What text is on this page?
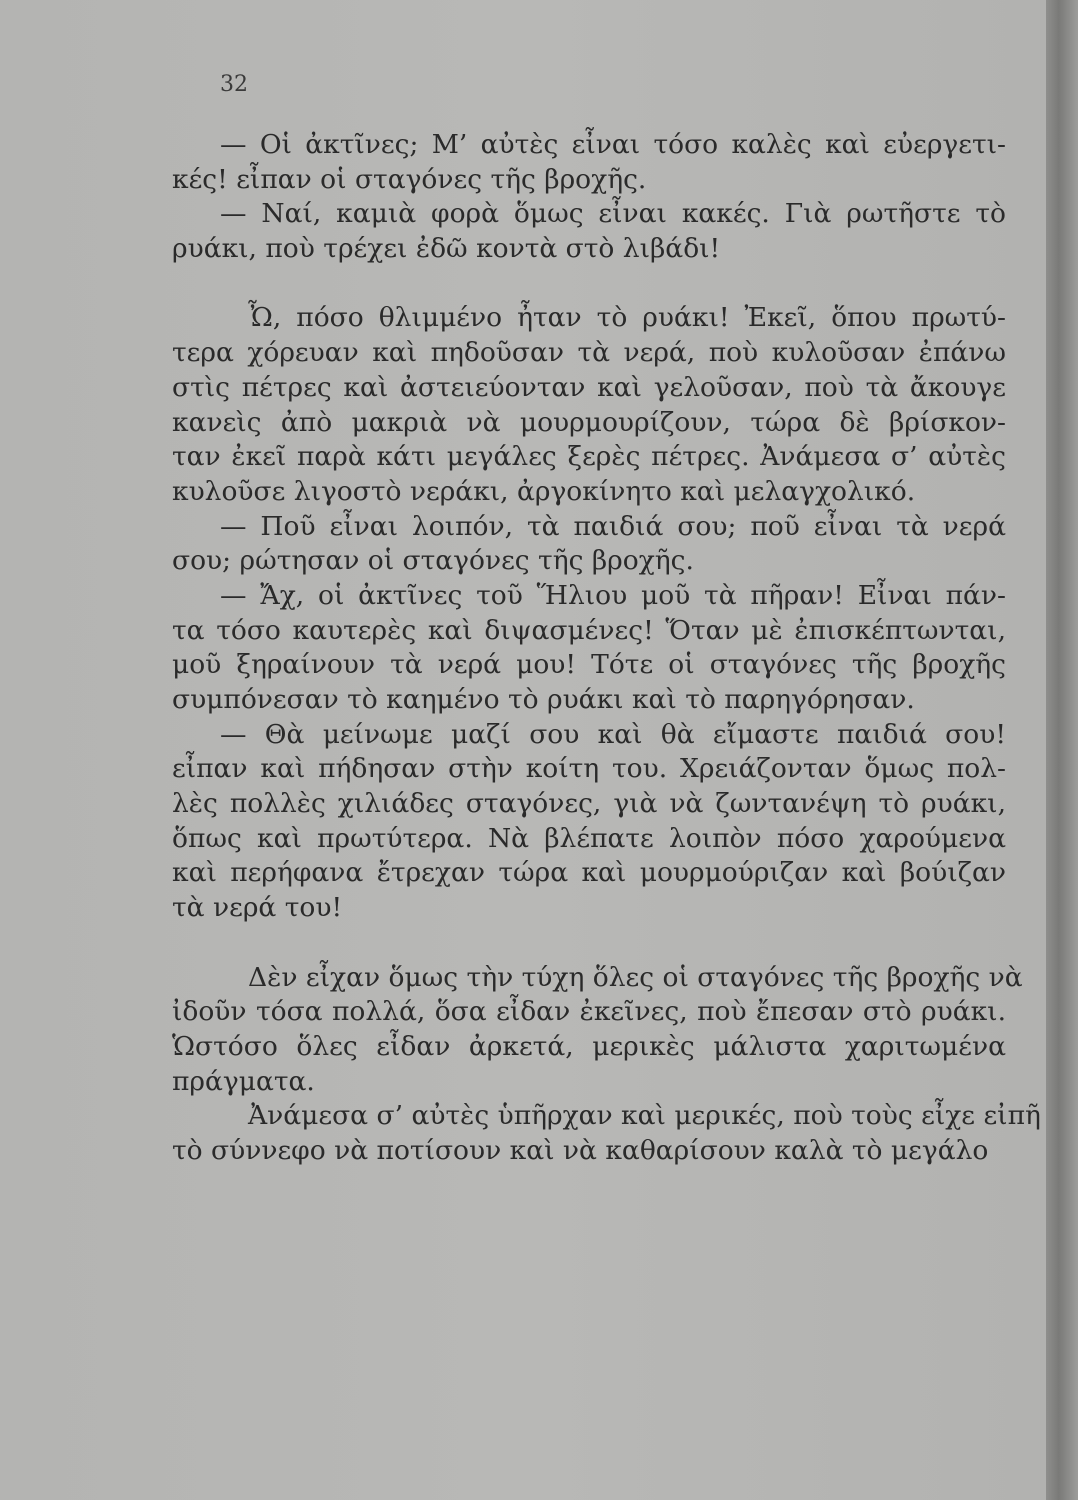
32
— Οἱ ἀκτῖνες; Μ’ αὐτὲς εἶναι τόσο καλὲς καὶ εὐεργετι-
κές! εἶπαν οἱ σταγόνες τῆς βροχῆς.
— Ναί, καμιὰ φορὰ ὅμως εἶναι κακές. Γιὰ ρωτῆστε τὸ
ρυάκι, ποὺ τρέχει ἐδῶ κοντὰ στὸ λιβάδι!
Ὦ, πόσο θλιμμένο ἦταν τὸ ρυάκι! Ἐκεῖ, ὅπου πρωτύ-
τερα χόρευαν καὶ πηδοῦσαν τὰ νερά, ποὺ κυλοῦσαν ἐπάνω
στὶς πέτρες καὶ ἀστειεύονταν καὶ γελοῦσαν, ποὺ τὰ ἄκουγε
κανεὶς ἀπὸ μακριὰ νὰ μουρμουρίζουν, τώρα δὲ βρίσκον-
ταν ἐκεῖ παρὰ κάτι μεγάλες ξερὲς πέτρες. Ἀνάμεσα σ’ αὐτὲς
κυλοῦσε λιγοστὸ νεράκι, ἀργοκίνητο καὶ μελαγχολικό.
— Ποῦ εἶναι λοιπόν, τὰ παιδιά σου; ποῦ εἶναι τὰ νερά
σου; ρώτησαν οἱ σταγόνες τῆς βροχῆς.
— Ἄχ, οἱ ἀκτῖνες τοῦ Ἥλιου μοῦ τὰ πῆραν! Εἶναι πάν-
τα τόσο καυτερὲς καὶ διψασμένες! Ὅταν μὲ ἐπισκέπτωνται,
μοῦ ξηραίνουν τὰ νερά μου! Τότε οἱ σταγόνες τῆς βροχῆς
συμπόνεσαν τὸ καημένο τὸ ρυάκι καὶ τὸ παρηγόρησαν.
— Θὰ μείνωμε μαζί σου καὶ θὰ εἴμαστε παιδιά σου!
εἶπαν καὶ πήδησαν στὴν κοίτη του. Χρειάζονταν ὅμως πολ-
λὲς πολλὲς χιλιάδες σταγόνες, γιὰ νὰ ζωντανέψη τὸ ρυάκι,
ὅπως καὶ πρωτύτερα. Νὰ βλέπατε λοιπὸν πόσο χαρούμενα
καὶ περήφανα ἔτρεχαν τώρα καὶ μουρμούριζαν καὶ βούιζαν
τὰ νερά του!
Δὲν εἶχαν ὅμως τὴν τύχη ὅλες οἱ σταγόνες τῆς βροχῆς νὰ
ἰδοῦν τόσα πολλά, ὅσα εἶδαν ἐκεῖνες, ποὺ ἔπεσαν στὸ ρυάκι.
Ὡστόσο ὅλες εἶδαν ἀρκετά, μερικὲς μάλιστα χαριτωμένα
πράγματα.
Ἀνάμεσα σ’ αὐτὲς ὑπῆρχαν καὶ μερικές, ποὺ τοὺς εἶχε εἰπῆ
τὸ σύννεφο νὰ ποτίσουν καὶ νὰ καθαρίσουν καλὰ τὸ μεγάλο
